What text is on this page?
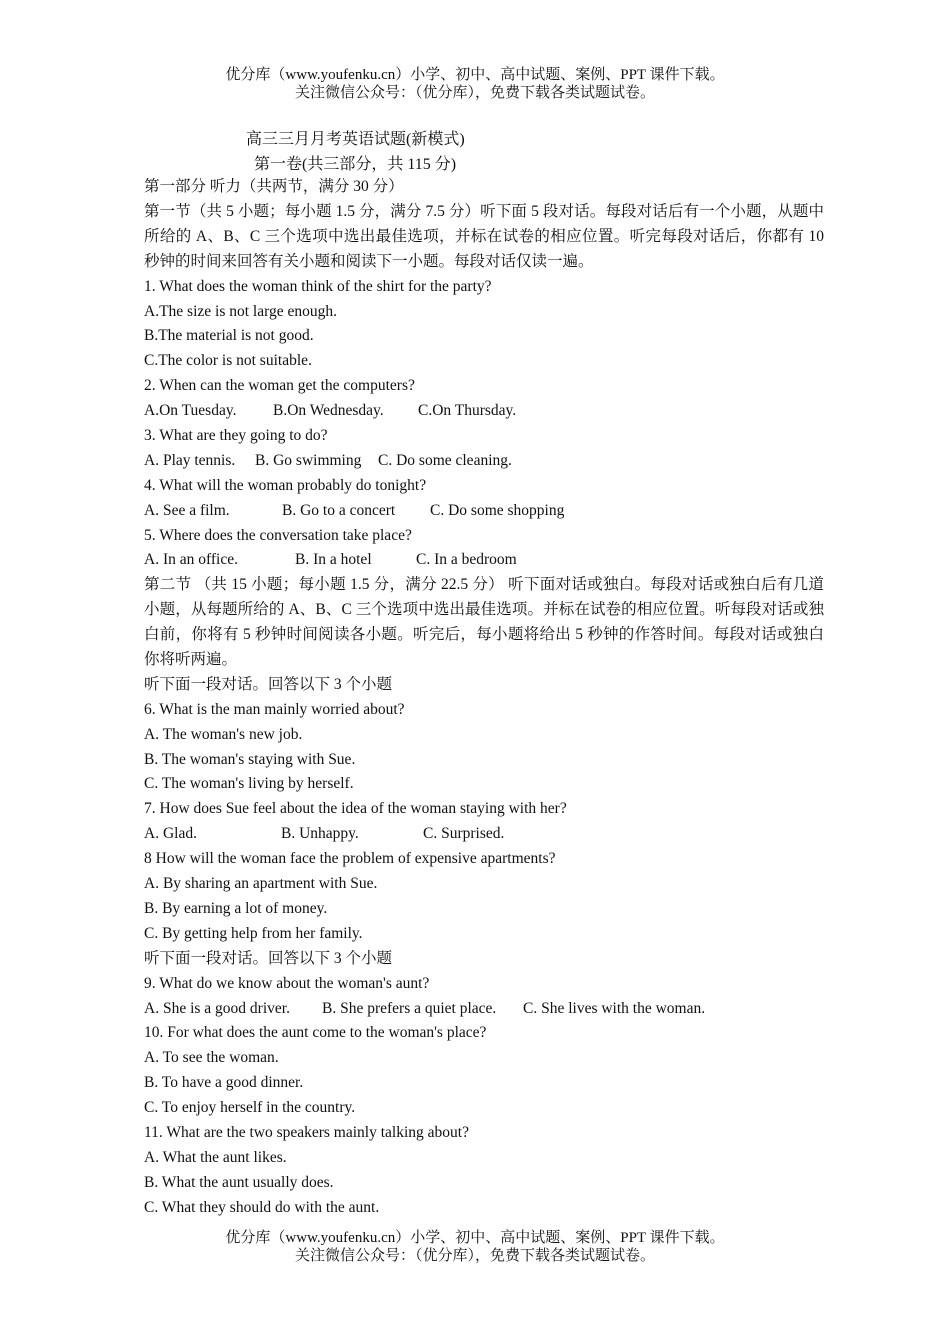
优分库（www.youfenku.cn）小学、初中、高中试题、案例、PPT 课件下载。
关注微信公众号：（优分库），免费下载各类试题试卷。
高三三月月考英语试题(新模式)
第一卷(共三部分，共 115 分)
第一部分 听力（共两节，满分 30 分）
第一节（共 5 小题；每小题 1.5 分，满分 7.5 分）听下面 5 段对话。每段对话后有一个小题，从题中所给的 A、B、C 三个选项中选出最佳选项，并标在试卷的相应位置。听完每段对话后，你都有 10 秒钟的时间来回答有关小题和阅读下一小题。每段对话仅读一遍。
1. What does the woman think of the shirt for the party?
A.The size is not large enough.
B.The material is not good.
C.The color is not suitable.
2. When can the woman get the computers?
A.On Tuesday. B.On Wednesday. C.On Thursday.
3. What are they going to do?
A. Play tennis. B. Go swimming C. Do some cleaning.
4. What will the woman probably do tonight?
A. See a film.	B. Go to a concert C. Do some shopping
5. Where does the conversation take place?
A. In an office.	B. In a hotel	C. In a bedroom
第二节 （共 15 小题；每小题 1.5 分，满分 22.5 分） 听下面对话或独白。每段对话或独白后有几道小题，从每题所给的 A、B、C 三个选项中选出最佳选项。并标在试卷的相应位置。听每段对话或独白前，你将有 5 秒钟时间阅读各小题。听完后，每小题将给出 5 秒钟的作答时间。每段对话或独白你将听两遍。
听下面一段对话。回答以下 3 个小题
6. What is the man mainly worried about?
A. The woman's new job.
B. The woman's staying with Sue.
C. The woman's living by herself.
7. How does Sue feel about the idea of the woman staying with her?
A. Glad.	B. Unhappy.	C. Surprised.
8 How will the woman face the problem of expensive apartments?
A. By sharing an apartment with Sue.
B. By earning a lot of money.
C. By getting help from her family.
听下面一段对话。回答以下 3 个小题
9. What do we know about the woman's aunt?
A. She is a good driver. B. She prefers a quiet place. C. She lives with the woman.
10. For what does the aunt come to the woman's place?
A. To see the woman.
B. To have a good dinner.
C. To enjoy herself in the country.
11. What are the two speakers mainly talking about?
A. What the aunt likes.
B. What the aunt usually does.
C. What they should do with the aunt.
优分库（www.youfenku.cn）小学、初中、高中试题、案例、PPT 课件下载。
关注微信公众号：（优分库），免费下载各类试题试卷。
